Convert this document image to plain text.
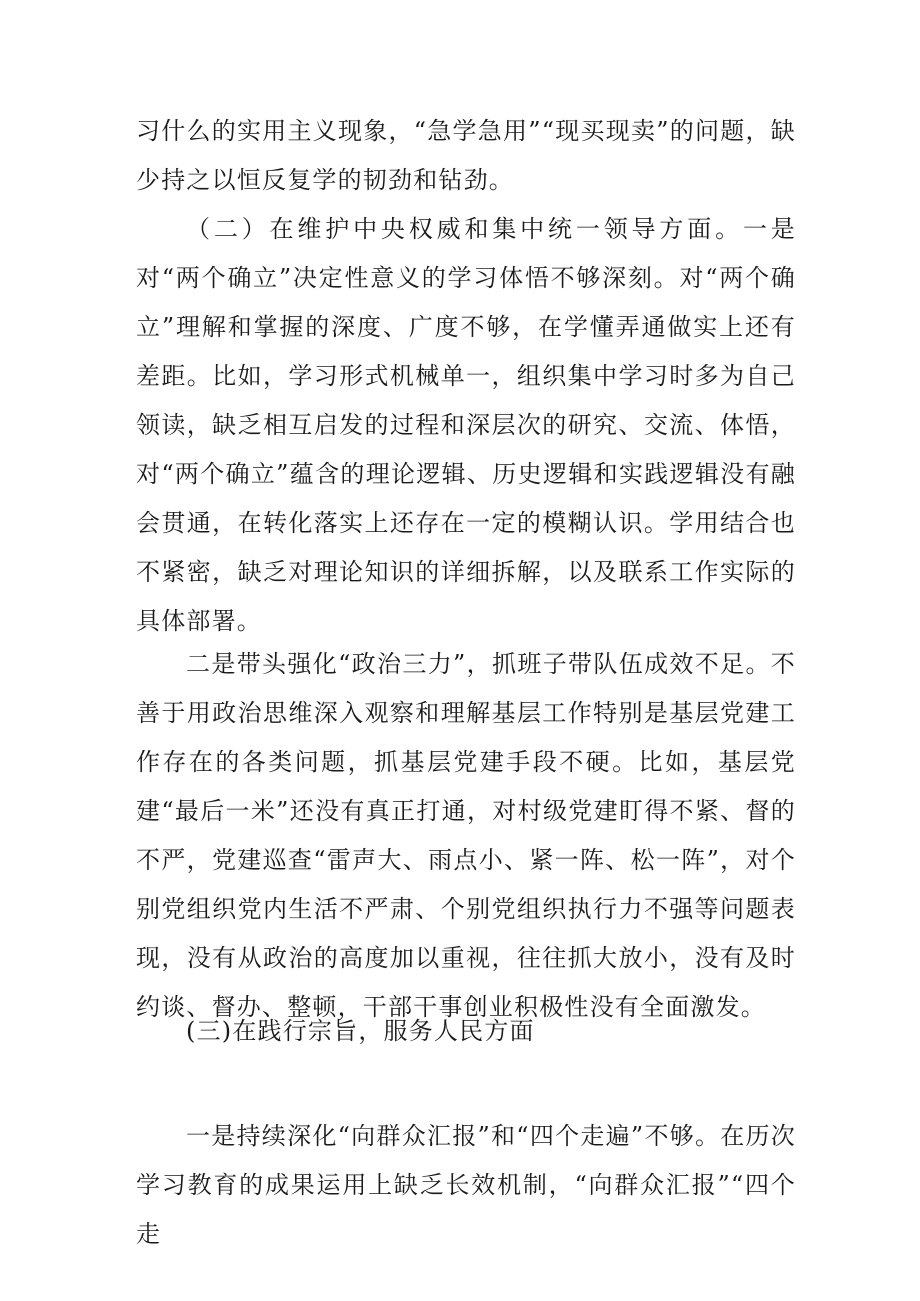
习什么的实用主义现象，“急学急用”“现买现卖”的问题，缺少持之以恒反复学的韧劲和钻劲。

（二）在维护中央权威和集中统一领导方面。一是对“两个确立”决定性意义的学习体悟不够深刻。对“两个确立”理解和掌握的深度、广度不够，在学懂弄通做实上还有差距。比如，学习形式机械单一，组织集中学习时多为自己领读，缺乏相互启发的过程和深层次的研究、交流、体悟，对“两个确立”蕴含的理论逻辑、历史逻辑和实践逻辑没有融会贯通，在转化落实上还存在一定的模糊认识。学用结合也不紧密，缺乏对理论知识的详细拆解，以及联系工作实际的具体部署。

二是带头强化“政治三力”，抓班子带队伍成效不足。不善于用政治思维深入观察和理解基层工作特别是基层党建工作存在的各类问题，抓基层党建手段不硬。比如，基层党建“最后一米”还没有真正打通，对村级党建盯得不紧、督的不严，党建巡查“雷声大、雨点小、紧一阵、松一阵”，对个别党组织党内生活不严肃、个别党组织执行力不强等问题表现，没有从政治的高度加以重视，往往抓大放小，没有及时约谈、督办、整顿，干部干事创业积极性没有全面激发。

(三)在践行宗旨，服务人民方面

一是持续深化“向群众汇报”和“四个走遍”不够。在历次学习教育的成果运用上缺乏长效机制，“向群众汇报”“四个走
